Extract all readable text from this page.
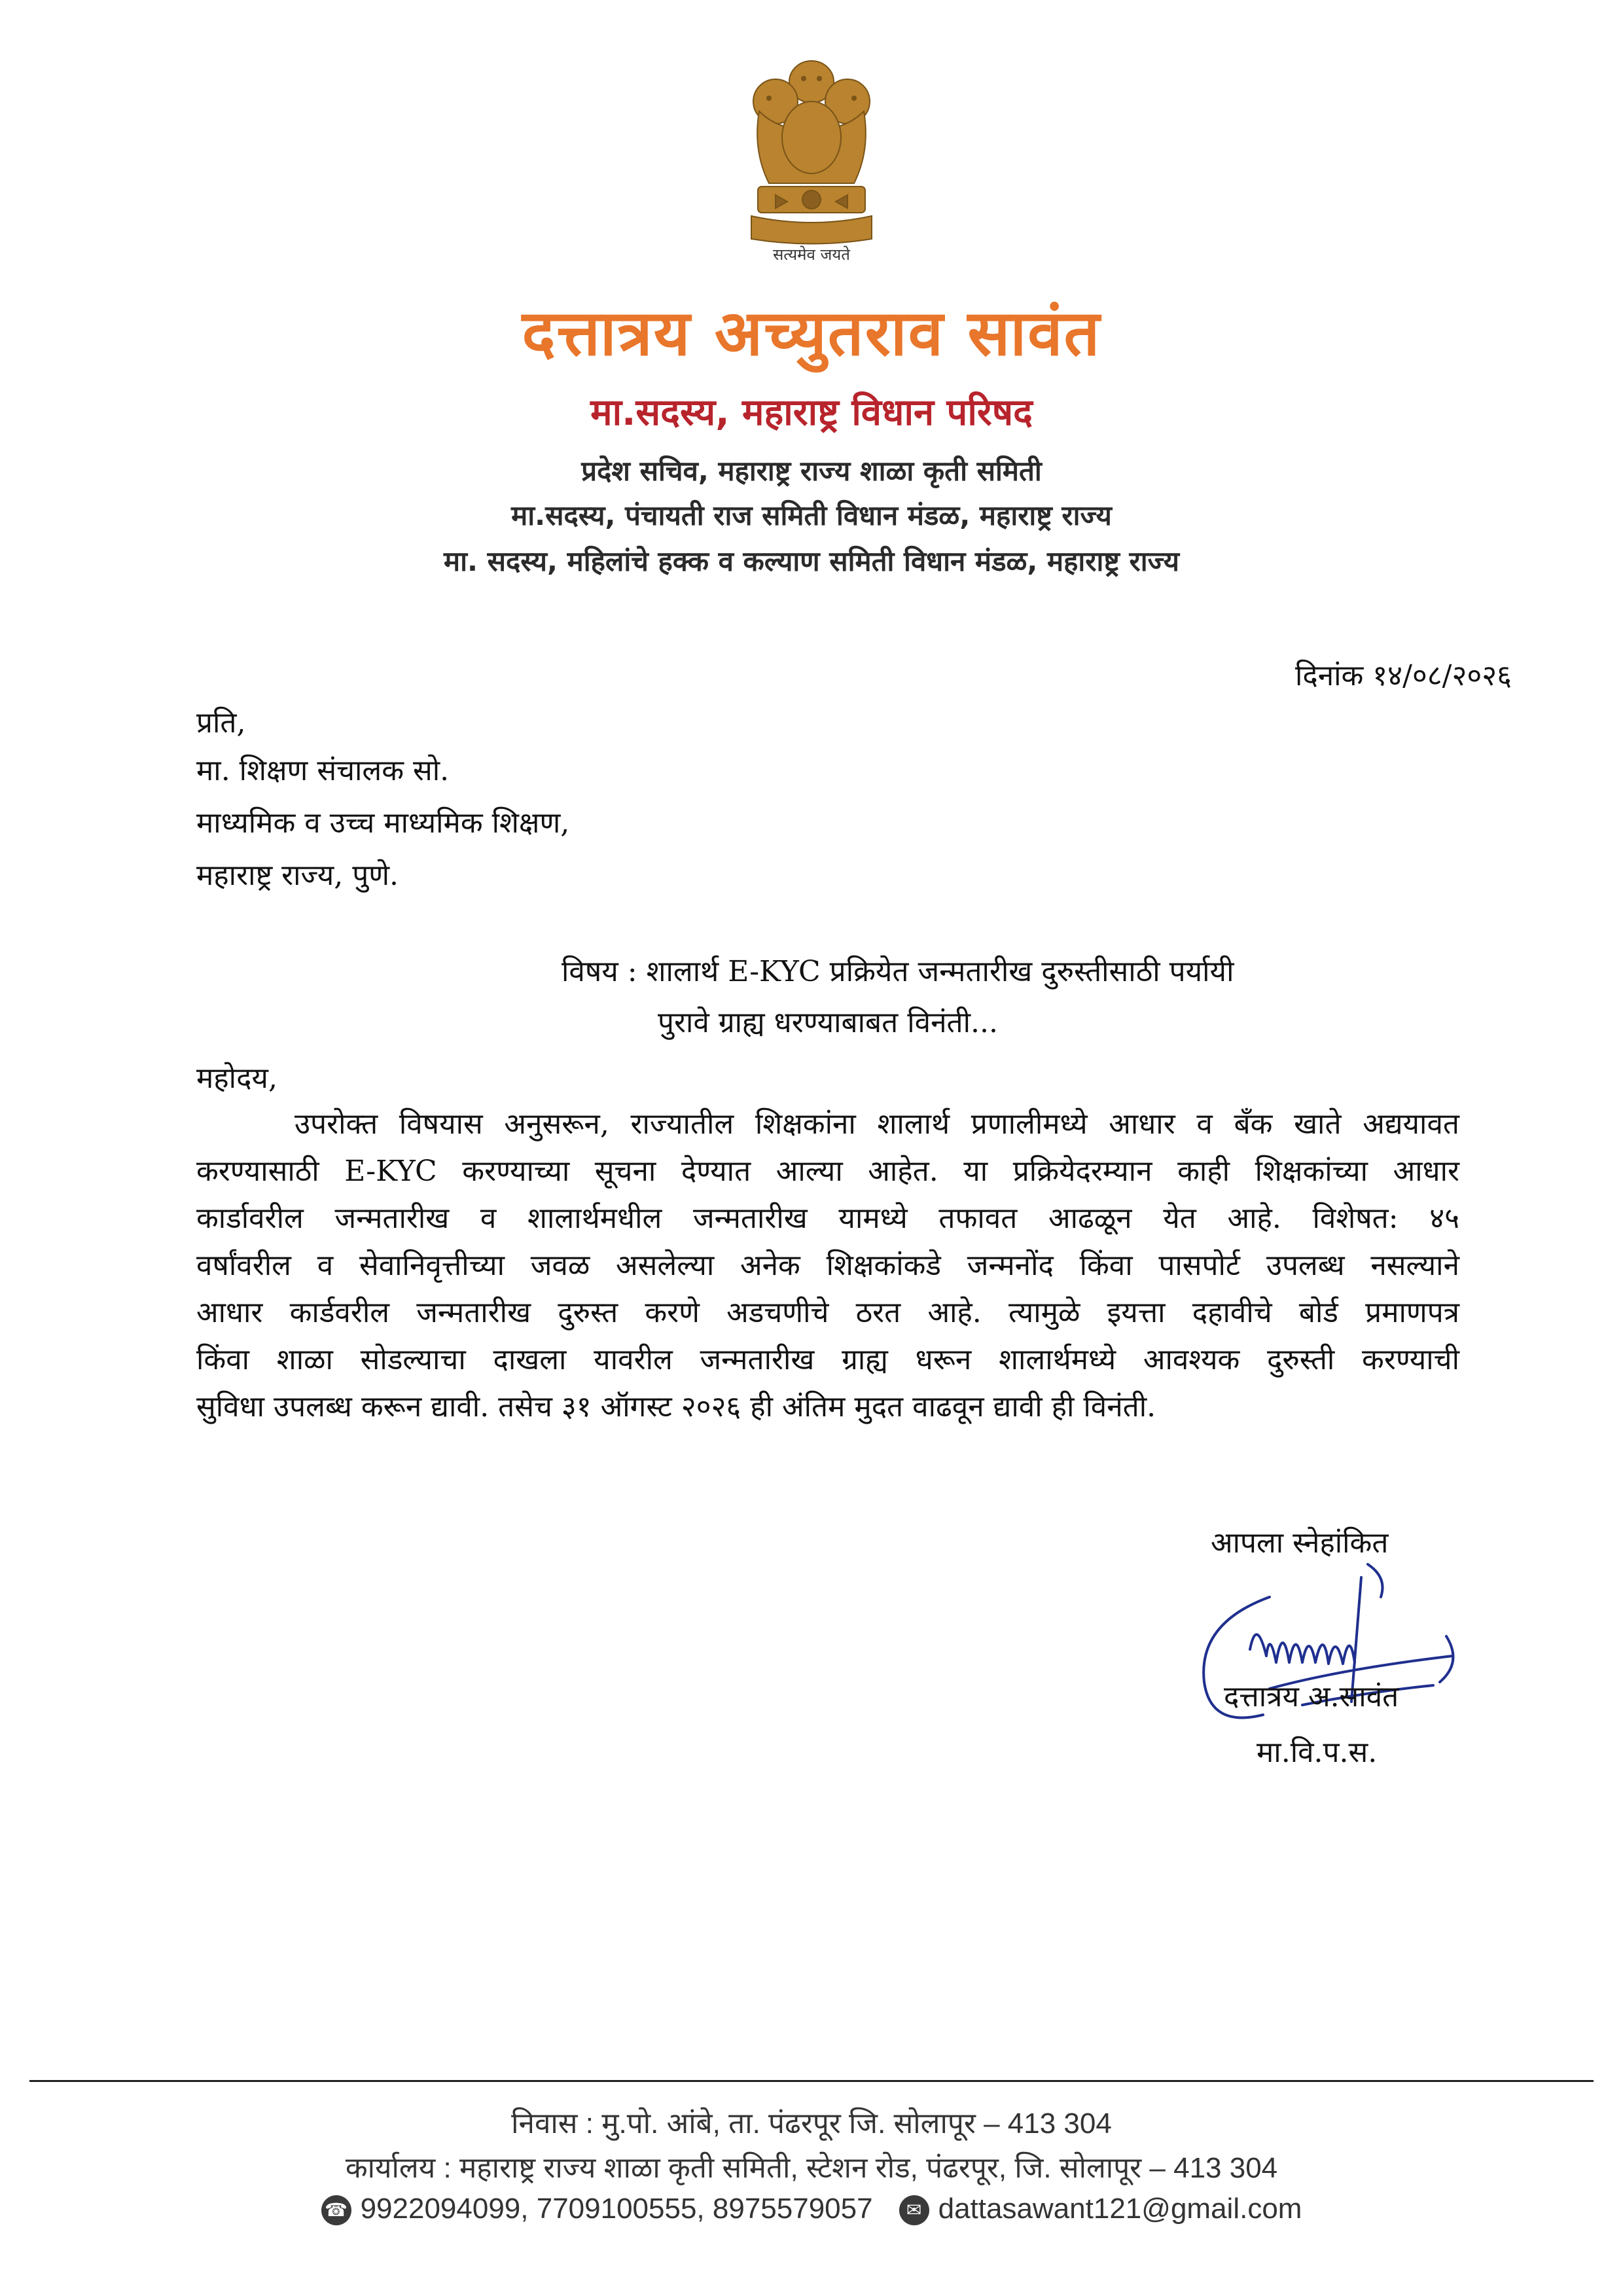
सत्यमेव जयते
दत्तात्रय अच्युतराव सावंत
मा.सदस्य, महाराष्ट्र विधान परिषद
प्रदेश सचिव, महाराष्ट्र राज्य शाळा कृती समिती
मा.सदस्य, पंचायती राज समिती विधान मंडळ, महाराष्ट्र राज्य
मा. सदस्य, महिलांचे हक्क व कल्याण समिती विधान मंडळ, महाराष्ट्र राज्य
दिनांक १४/०८/२०२६
प्रति,
मा. शिक्षण संचालक सो.
माध्यमिक व उच्च माध्यमिक शिक्षण,
महाराष्ट्र राज्य, पुणे.
विषय : शालार्थ E-KYC प्रक्रियेत जन्मतारीख दुरुस्तीसाठी पर्यायी
पुरावे ग्राह्य धरण्याबाबत विनंती...
महोदय,
उपरोक्त विषयास अनुसरून, राज्यातील शिक्षकांना शालार्थ प्रणालीमध्ये आधार व बँक खाते अद्ययावत
करण्यासाठी E-KYC करण्याच्या सूचना देण्यात आल्या आहेत. या प्रक्रियेदरम्यान काही शिक्षकांच्या आधार
कार्डावरील जन्मतारीख व शालार्थमधील जन्मतारीख यामध्ये तफावत आढळून येत आहे. विशेषत: ४५
वर्षांवरील व सेवानिवृत्तीच्या जवळ असलेल्या अनेक शिक्षकांकडे जन्मनोंद किंवा पासपोर्ट उपलब्ध नसल्याने
आधार कार्डवरील जन्मतारीख दुरुस्त करणे अडचणीचे ठरत आहे. त्यामुळे इयत्ता दहावीचे बोर्ड प्रमाणपत्र
किंवा शाळा सोडल्याचा दाखला यावरील जन्मतारीख ग्राह्य धरून शालार्थमध्ये आवश्यक दुरुस्ती करण्याची
सुविधा उपलब्ध करून द्यावी. तसेच ३१ ऑगस्ट २०२६ ही अंतिम मुदत वाढवून द्यावी ही विनंती.
आपला स्नेहांकित
दत्तात्रय अ.सावंत
मा.वि.प.स.
निवास : मु.पो. आंबे, ता. पंढरपूर जि. सोलापूर – 413 304
कार्यालय : महाराष्ट्र राज्य शाळा कृती समिती, स्टेशन रोड, पंढरपूर, जि. सोलापूर – 413 304
☎ 9922094099, 7709100555, 8975579057 ✉ dattasawant121@gmail.com
